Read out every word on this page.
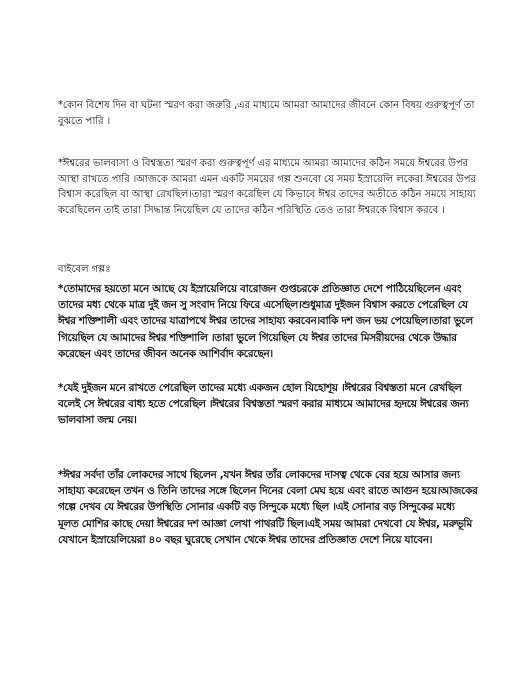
*কোন বিশেষ দিন বা ঘটনা স্মরণ করা জরুরি ,এর মাধ্যমে আমরা আমাদের জীবনে কোন বিষয় গুরুত্বপূর্ণ তা বুঝতে পারি ।

*ঈশ্বরের ভালবাসা ও বিশ্বস্ততা স্মরণ করা গুরুত্বপূর্ণ এর মাধ্যমে আমরা আমাদের কঠিন সময়ে ঈশ্বরের উপর আস্থা রাখতে পারি ।আজকে আমরা এমন একটি সময়ের গল্প শুনবো যে সময় ইস্রায়েলি লকেরা ঈশ্বরের উপর বিশ্বাস করেছিল বা আস্থা রেখছিল।তারা স্মরণ করেছিল যে কিভাবে ঈশ্বর তাদের অতীতে কঠিন সময়ে সাহায্য করেছিলেন তাই তারা সিদ্ধান্ত নিয়েছিল যে তাদের কঠিন পরিস্থিতি তেও তারা ঈশ্বরকে বিশ্বাস করবে ।

বাইবেল গল্পঃ

*তোমাদের হয়তো মনে আছে যে ইস্রায়েলিয়ে বারোজন গুপ্তচরকে প্রতিজ্ঞাত দেশে পাঠিয়েছিলেন এবং তাদের মধ্য থেকে মাত্র দুই জন সু সংবাদ নিয়ে ফিরে এসেছিল।শুধুমাত্র দুইজন বিশ্বাস করতে পেরেছিল যে ঈশ্বর শক্তিশালী এবং তাদের যাত্রাপথে ঈশ্বর তাদের সাহায্য করবেন।বাকি দশ জন ভয় পেয়েছিল।তারা ভুলে গিয়েছিল যে আমাদের ঈশ্বর শক্তিশালি ।তারা ভুলে গিয়েছিল যে ঈশ্বর তাদের মিসরীয়দের থেকে উদ্ধার করেছেন এবং তাদের জীবন অনেক আশির্বাদ করেছেন।

*যেই দুইজন মনে রাখতে পেরেছিল তাদের মধ্যে একজন হোল যিহোশূয় ।ঈশ্বরের বিশ্বস্ততা মনে রেখছিল বলেই সে ঈশ্বরের বাধ্য হতে পেরেছিল ।ঈশ্বরের বিশ্বস্ততা স্মরণ করার মাধ্যমে আমাদের হৃদয়ে ঈশ্বরের জন্য ভালবাসা জন্ম নেয়।

*ঈশ্বর সর্বদা তাঁর লোকদের সাথে ছিলেন ,যখন ঈশ্বর তাঁর লোকদের দাসত্ব থেকে বের হয়ে আসার জন্য সাহায্য করেছেন তখন ও তিনি তাদের সঙ্গে ছিলেন দিনের বেলা মেঘ হয়ে এবং রাতে আগুন হয়ে।আজকের গল্পে দেখব যে ঈশ্বরের উপস্থিতি সোনার একটি বড় সিন্দুকে মধ্যে ছিল ।এই সোনার বড় সিন্দুকের মধ্যে মূলত মোশির কাছে দেয়া ঈশ্বরের দশ আজ্ঞা লেখা পাথরটি ছিল।এই সময় আমরা দেখবো যে ঈশ্বর, মরুভূমি যেখানে ইস্রায়েলিয়েরা ৪০ বছর ঘুরেছে সেখান থেকে ঈশ্বর তাদের প্রতিজ্ঞাত দেশে নিয়ে যাবেন।
